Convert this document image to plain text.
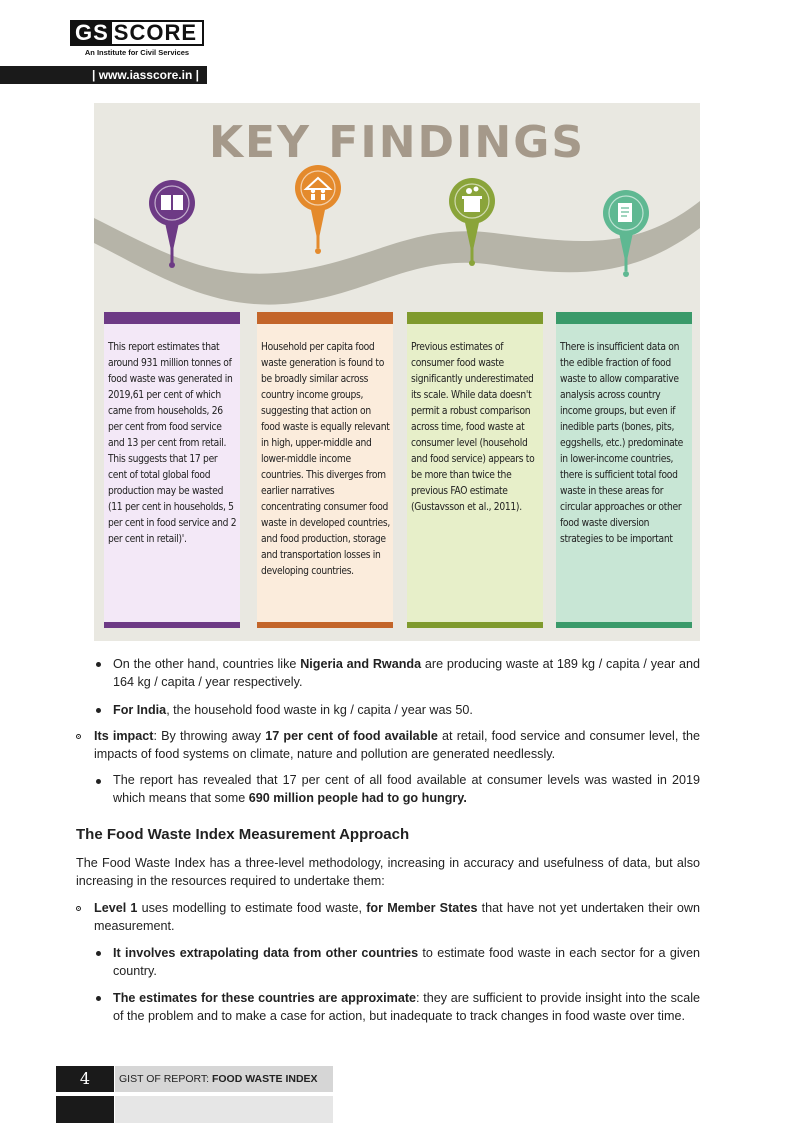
GS SCORE
An Institute for Civil Services
| www.iasscore.in |
KEY FINDINGS
This report estimates that around 931 million tonnes of food waste was generated in 2019,61 per cent of which came from households, 26 per cent from food service and 13 per cent from retail. This suggests that 17 per cent of total global food production may be wasted (11 per cent in households, 5 per cent in food service and 2 per cent in retail)'.
Household per capita food waste generation is found to be broadly similar across country income groups, suggesting that action on food waste is equally relevant in high, upper-middle and lower-middle income countries. This diverges from earlier narratives concentrating consumer food waste in developed countries, and food production, storage and transportation losses in developing countries.
Previous estimates of consumer food waste significantly underestimated its scale. While data doesn't permit a robust comparison across time, food waste at consumer level (household and food service) appears to be more than twice the previous FAO estimate (Gustavsson et al., 2011).
There is insufficient data on the edible fraction of food waste to allow comparative analysis across country income groups, but even if inedible parts (bones, pits, eggshells, etc.) predominate in lower-income countries, there is sufficient total food waste in these areas for circular approaches or other food waste diversion strategies to be important
On the other hand, countries like Nigeria and Rwanda are producing waste at 189 kg / capita / year and 164 kg / capita / year respectively.
For India, the household food waste in kg / capita / year was 50.
Its impact: By throwing away 17 per cent of food available at retail, food service and consumer level, the impacts of food systems on climate, nature and pollution are generated needlessly.
The report has revealed that 17 per cent of all food available at consumer levels was wasted in 2019 which means that some 690 million people had to go hungry.
The Food Waste Index Measurement Approach
The Food Waste Index has a three-level methodology, increasing in accuracy and usefulness of data, but also increasing in the resources required to undertake them:
Level 1 uses modelling to estimate food waste, for Member States that have not yet undertaken their own measurement.
It involves extrapolating data from other countries to estimate food waste in each sector for a given country.
The estimates for these countries are approximate: they are sufficient to provide insight into the scale of the problem and to make a case for action, but inadequate to track changes in food waste over time.
4	GIST OF REPORT: FOOD WASTE INDEX
